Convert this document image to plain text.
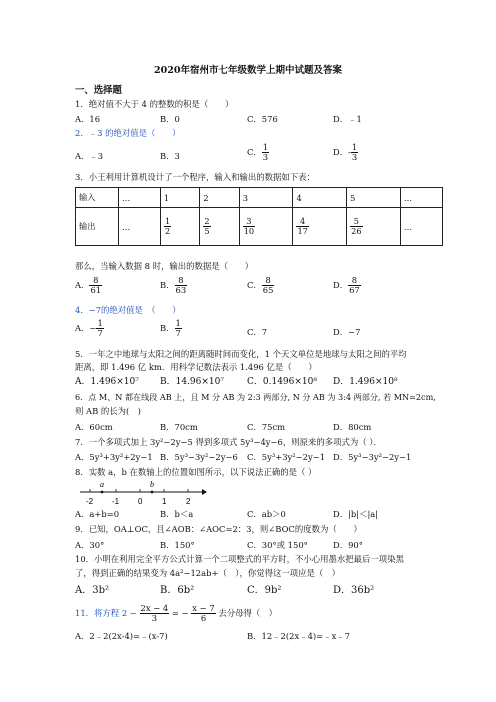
2020年宿州市七年级数学上期中试题及答案
一、选择题
1．绝对值不大于 4 的整数的积是（　　）
A．16	B．0	C．576	D．﹣1
2．﹣3 的绝对值是（　　）
A．﹣3	B．3	C． $\frac{1}{3}$	D．- $\frac{1}{3}$
3．小王利用计算机设计了一个程序，输入和输出的数据如下表：
输入	…	1	2	3	4	5	…
输出	…	$\frac{1}{2}$	$\frac{2}{5}$	$\frac{3}{10}$	$\frac{4}{17}$	$\frac{5}{26}$	…
那么，当输入数据 8 时，输出的数据是（　　）
A． $\frac{8}{61}$	B． $\frac{8}{63}$	C． $\frac{8}{65}$	D． $\frac{8}{67}$
4．−7的绝对值是　（　　）
A．− $\frac{1}{7}$	B． $\frac{1}{7}$	C．7	D．−7
5．一年之中地球与太阳之间的距离随时间而变化，1 个天文单位是地球与太阳之间的平均
距离，即 1.496 亿 km．用科学记数法表示 1.496 亿是（　　）
A．1.496×10⁷ B．14.96×10⁷	C．0.1496×10⁸ D．1.496×10⁸
6．点 M、N 都在线段 AB 上，且 M 分 AB 为 2:3 两部分, N 分 AB 为 3:4 两部分, 若 MN=2cm,
则 AB 的长为(　)
A．60cm	B．70cm	C．75cm	D．80cm
7．一个多项式加上 3y²−2y−5 得到多项式 5y³−4y−6，则原来的多项式为（ ）．
A．5y³+3y²+2y−1 B．5y³−3y²−2y−6 C．5y³+3y²−2y−1 D．5y³−3y²−2y−1
8．实数 a，b 在数轴上的位置如图所示，以下说法正确的是（ ）
a	b
-2 -1 0 1 2
A．a+b=0	B．b＜a	C．ab＞0	D．|b|＜|a|
9．已知，OA⊥OC，且∠AOB：∠AOC=2：3，则∠BOC的度数为（　　）
A．30°	B．150°	C．30°或 150°	D．90°
10．小明在利用完全平方公式计算一个二项整式的平方时，不小心用墨水把最后一项染黑
了，得到正确的结果变为 4a²−12ab+（　），你觉得这一项应是（　）
A．3b²	B．6b²	C．9b²	D．36b²
11．将方程 $2 - \frac{2x - 4}{3}$ = − $\frac{x - 7}{6}$ 去分母得（　）
A．2﹣2(2x-4)=﹣(x-7)	B．12﹣2(2x﹣4)=﹣x﹣7
